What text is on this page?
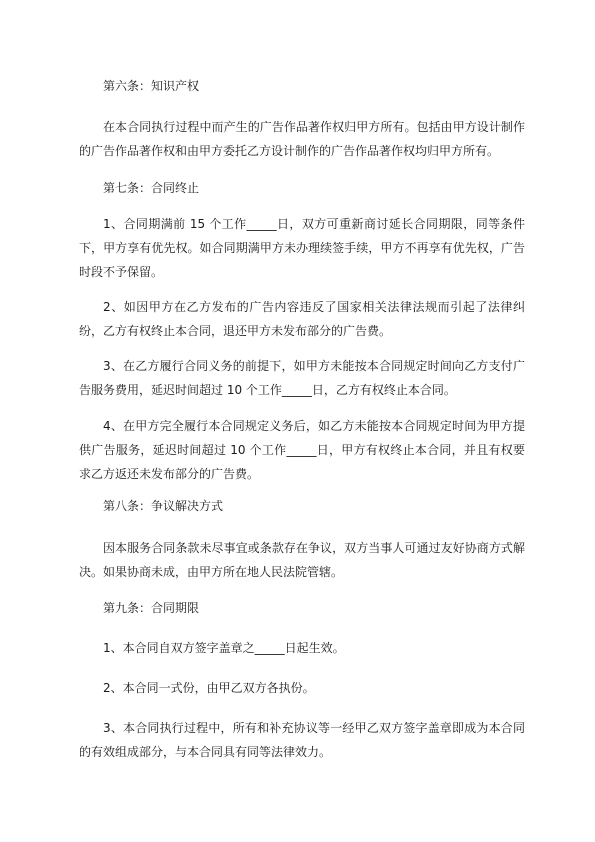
第六条：知识产权

在本合同执行过程中而产生的广告作品著作权归甲方所有。包括由甲方设计制作的广告作品著作权和由甲方委托乙方设计制作的广告作品著作权均归甲方所有。

第七条：合同终止

1、合同期满前 15 个工作_____日，双方可重新商讨延长合同期限，同等条件下，甲方享有优先权。如合同期满甲方未办理续签手续，甲方不再享有优先权，广告时段不予保留。

2、如因甲方在乙方发布的广告内容违反了国家相关法律法规而引起了法律纠纷，乙方有权终止本合同，退还甲方未发布部分的广告费。

3、在乙方履行合同义务的前提下，如甲方未能按本合同规定时间向乙方支付广告服务费用，延迟时间超过 10 个工作_____日，乙方有权终止本合同。

4、在甲方完全履行本合同规定义务后，如乙方未能按本合同规定时间为甲方提供广告服务，延迟时间超过 10 个工作_____日，甲方有权终止本合同，并且有权要求乙方返还未发布部分的广告费。

第八条：争议解决方式

因本服务合同条款未尽事宜或条款存在争议，双方当事人可通过友好协商方式解决。如果协商未成，由甲方所在地人民法院管辖。

第九条：合同期限

1、本合同自双方签字盖章之_____日起生效。

2、本合同一式份，由甲乙双方各执份。

3、本合同执行过程中，所有和补充协议等一经甲乙双方签字盖章即成为本合同的有效组成部分，与本合同具有同等法律效力。
